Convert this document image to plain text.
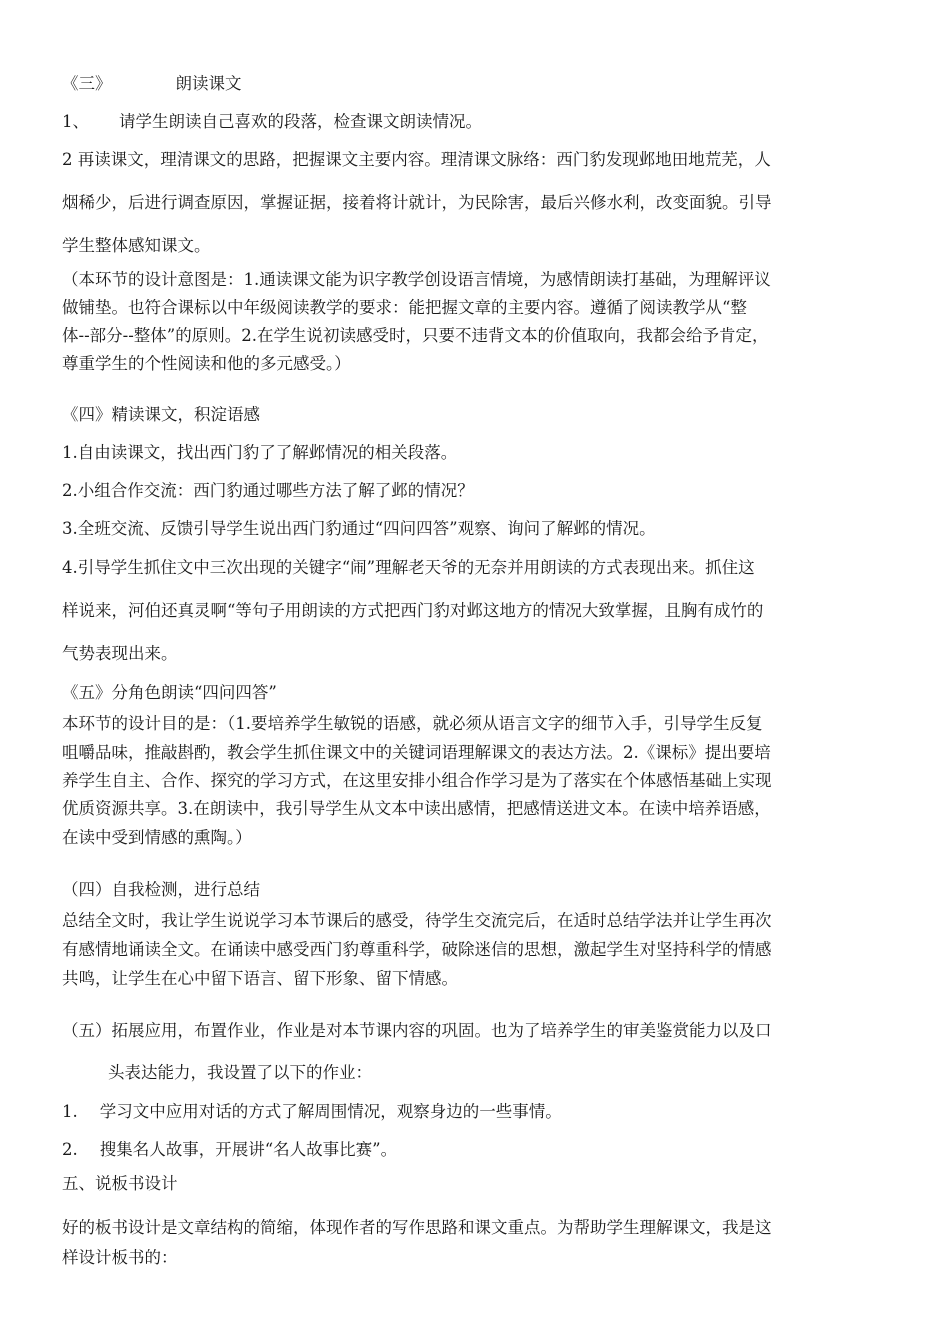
《三》	朗读课文
1、 请学生朗读自己喜欢的段落，检查课文朗读情况。
2 再读课文，理清课文的思路，把握课文主要内容。理清课文脉络：西门豹发现邺地田地荒芜，人
烟稀少，后进行调查原因，掌握证据，接着将计就计，为民除害，最后兴修水利，改变面貌。引导
学生整体感知课文。
（本环节的设计意图是：1.通读课文能为识字教学创设语言情境，为感情朗读打基础，为理解评议
做铺垫。也符合课标以中年级阅读教学的要求：能把握文章的主要内容。遵循了阅读教学从“整
体--部分--整体”的原则。2.在学生说初读感受时，只要不违背文本的价值取向，我都会给予肯定，
尊重学生的个性阅读和他的多元感受。）
《四》精读课文，积淀语感
1.自由读课文，找出西门豹了了解邺情况的相关段落。
2.小组合作交流：西门豹通过哪些方法了解了邺的情况？
3.全班交流、反馈引导学生说出西门豹通过“四问四答”观察、询问了解邺的情况。
4.引导学生抓住文中三次出现的关键字“闹”理解老天爷的无奈并用朗读的方式表现出来。抓住这
样说来，河伯还真灵啊“等句子用朗读的方式把西门豹对邺这地方的情况大致掌握，且胸有成竹的
气势表现出来。
《五》分角色朗读“四问四答”
本环节的设计目的是：（1.要培养学生敏锐的语感，就必须从语言文字的细节入手，引导学生反复
咀嚼品味，推敲斟酌，教会学生抓住课文中的关键词语理解课文的表达方法。2.《课标》提出要培
养学生自主、合作、探究的学习方式，在这里安排小组合作学习是为了落实在个体感悟基础上实现
优质资源共享。3.在朗读中，我引导学生从文本中读出感情，把感情送进文本。在读中培养语感，
在读中受到情感的熏陶。）
（四）自我检测，进行总结
总结全文时，我让学生说说学习本节课后的感受，待学生交流完后，在适时总结学法并让学生再次
有感情地诵读全文。在诵读中感受西门豹尊重科学，破除迷信的思想，激起学生对坚持科学的情感
共鸣，让学生在心中留下语言、留下形象、留下情感。
（五）拓展应用，布置作业，作业是对本节课内容的巩固。也为了培养学生的审美鉴赏能力以及口
头表达能力，我设置了以下的作业：
1. 学习文中应用对话的方式了解周围情况，观察身边的一些事情。
2. 搜集名人故事，开展讲“名人故事比赛”。
五、说板书设计
好的板书设计是文章结构的简缩，体现作者的写作思路和课文重点。为帮助学生理解课文，我是这
样设计板书的：
